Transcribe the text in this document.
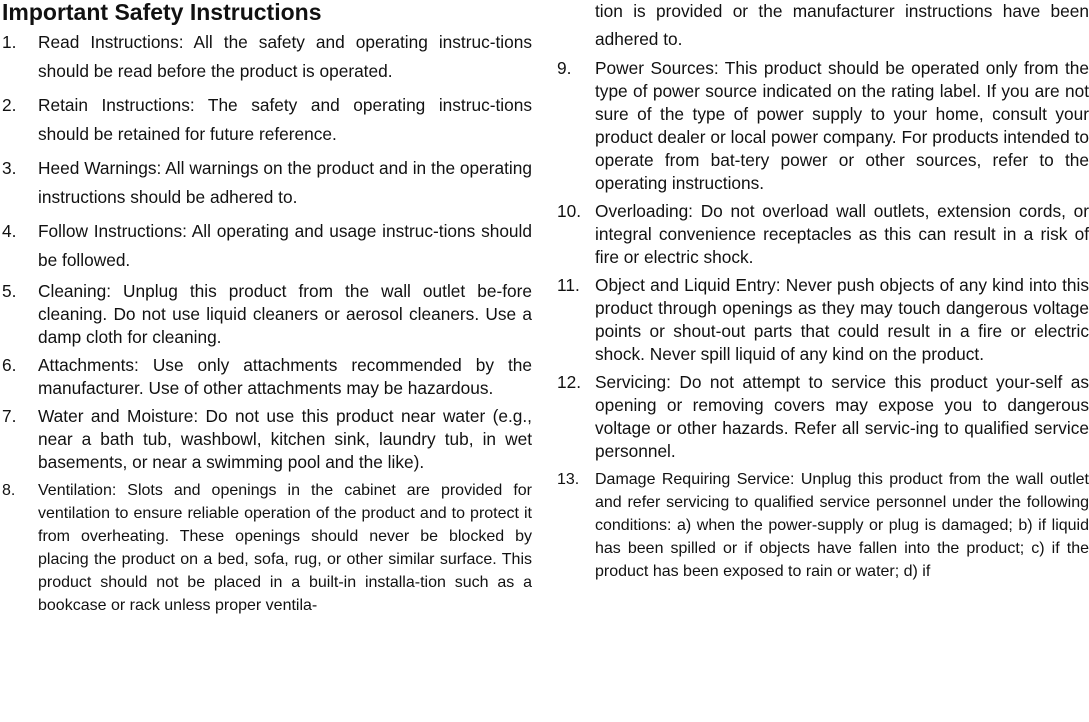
Important Safety Instructions
1.	Read Instructions: All the safety and operating instruc-tions should be read before the product is operated.
2.	Retain Instructions: The safety and operating instruc-tions should be retained for future reference.
3.	Heed Warnings: All warnings on the product and in the operating instructions should be adhered to.
4.	Follow Instructions: All operating and usage instruc-tions should be followed.
5.	Cleaning: Unplug this product from the wall outlet be-fore cleaning. Do not use liquid cleaners or aerosol cleaners. Use a damp cloth for cleaning.
6.	Attachments: Use only attachments recommended by the manufacturer. Use of other attachments may be hazardous.
7.	Water and Moisture: Do not use this product near water (e.g., near a bath tub, washbowl, kitchen sink, laundry tub, in wet basements, or near a swimming pool and the like).
8.	Ventilation: Slots and openings in the cabinet are provided for ventilation to ensure reliable operation of the product and to protect it from overheating. These openings should never be blocked by placing the product on a bed, sofa, rug, or other similar surface. This product should not be placed in a built-in installa-tion such as a bookcase or rack unless proper ventila-
tion is provided or the manufacturer instructions have been adhered to.
9.	Power Sources: This product should be operated only from the type of power source indicated on the rating label. If you are not sure of the type of power supply to your home, consult your product dealer or local power company. For products intended to operate from bat-tery power or other sources, refer to the operating instructions.
10. Overloading: Do not overload wall outlets, extension cords, or integral convenience receptacles as this can result in a risk of fire or electric shock.
11. Object and Liquid Entry: Never push objects of any kind into this product through openings as they may touch dangerous voltage points or shout-out parts that could result in a fire or electric shock. Never spill liquid of any kind on the product.
12. Servicing: Do not attempt to service this product your-self as opening or removing covers may expose you to dangerous voltage or other hazards. Refer all servic-ing to qualified service personnel.
13. Damage Requiring Service: Unplug this product from the wall outlet and refer servicing to qualified service personnel under the following conditions: a) when the power-supply or plug is damaged; b) if liquid has been spilled or if objects have fallen into the product; c) if the product has been exposed to rain or water; d) if
